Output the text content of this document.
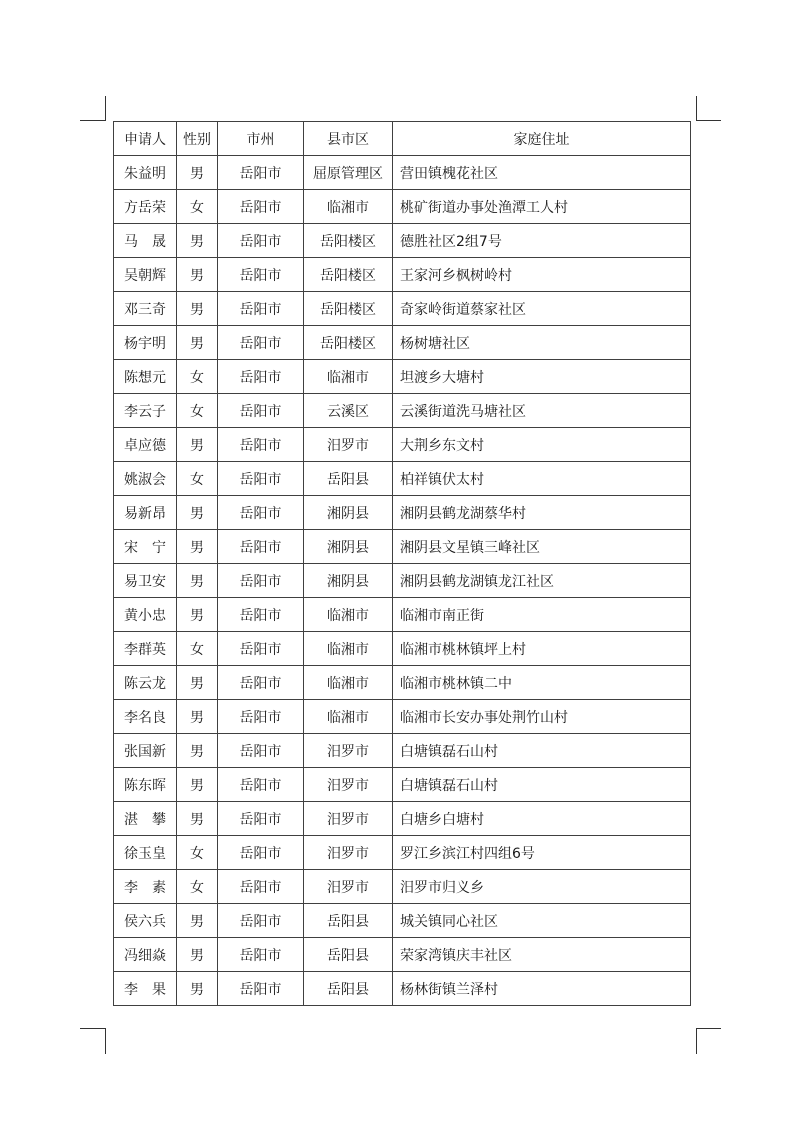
申请人	性别	市州	县市区	家庭住址
朱益明	男	岳阳市	屈原管理区	营田镇槐花社区
方岳荣	女	岳阳市	临湘市	桃矿街道办事处渔潭工人村
马　晟	男	岳阳市	岳阳楼区	德胜社区2组7号
吴朝辉	男	岳阳市	岳阳楼区	王家河乡枫树岭村
邓三奇	男	岳阳市	岳阳楼区	奇家岭街道蔡家社区
杨宇明	男	岳阳市	岳阳楼区	杨树塘社区
陈想元	女	岳阳市	临湘市	坦渡乡大塘村
李云子	女	岳阳市	云溪区	云溪街道洗马塘社区
卓应德	男	岳阳市	汨罗市	大荆乡东文村
姚淑会	女	岳阳市	岳阳县	柏祥镇伏太村
易新昂	男	岳阳市	湘阴县	湘阴县鹤龙湖蔡华村
宋　宁	男	岳阳市	湘阴县	湘阴县文星镇三峰社区
易卫安	男	岳阳市	湘阴县	湘阴县鹤龙湖镇龙江社区
黄小忠	男	岳阳市	临湘市	临湘市南正街
李群英	女	岳阳市	临湘市	临湘市桃林镇坪上村
陈云龙	男	岳阳市	临湘市	临湘市桃林镇二中
李名良	男	岳阳市	临湘市	临湘市长安办事处荆竹山村
张国新	男	岳阳市	汨罗市	白塘镇磊石山村
陈东晖	男	岳阳市	汨罗市	白塘镇磊石山村
湛　攀	男	岳阳市	汨罗市	白塘乡白塘村
徐玉皇	女	岳阳市	汨罗市	罗江乡滨江村四组6号
李　素	女	岳阳市	汨罗市	汨罗市归义乡
侯六兵	男	岳阳市	岳阳县	城关镇同心社区
冯细焱	男	岳阳市	岳阳县	荣家湾镇庆丰社区
李　果	男	岳阳市	岳阳县	杨林街镇兰泽村
